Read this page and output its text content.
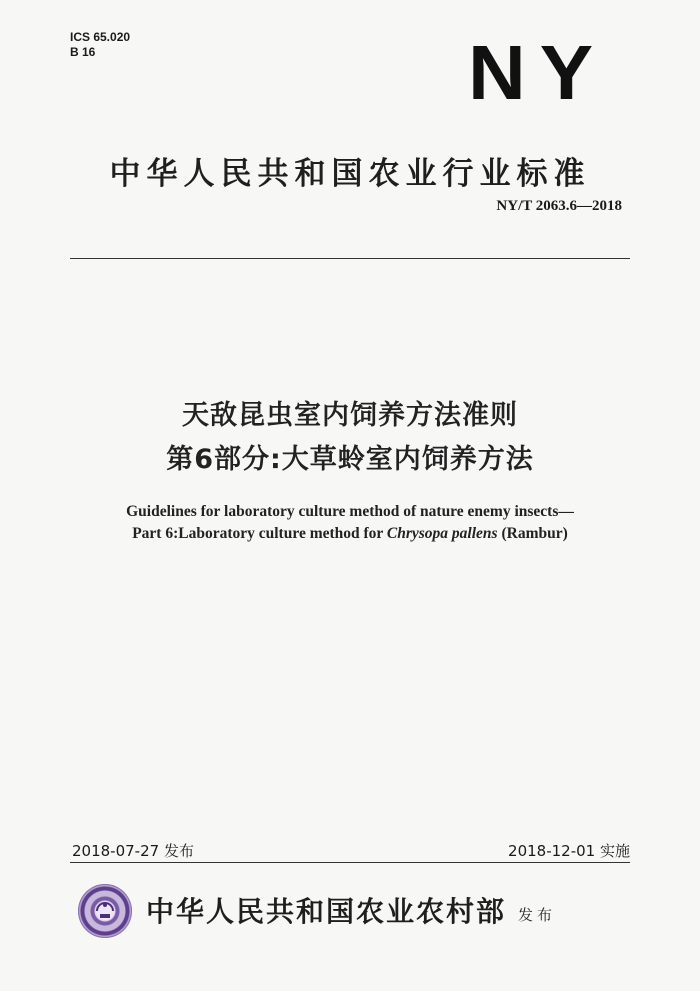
ICS 65.020
B 16	NY
中华人民共和国农业行业标准
NY/T 2063.6—2018
天敌昆虫室内饲养方法准则
第6部分:大草蛉室内饲养方法
Guidelines for laboratory culture method of nature enemy insects—
Part 6:Laboratory culture method for Chrysopa pallens (Rambur)
2018-07-27 发布	2018-12-01 实施
中华人民共和国农业农村部 发布
